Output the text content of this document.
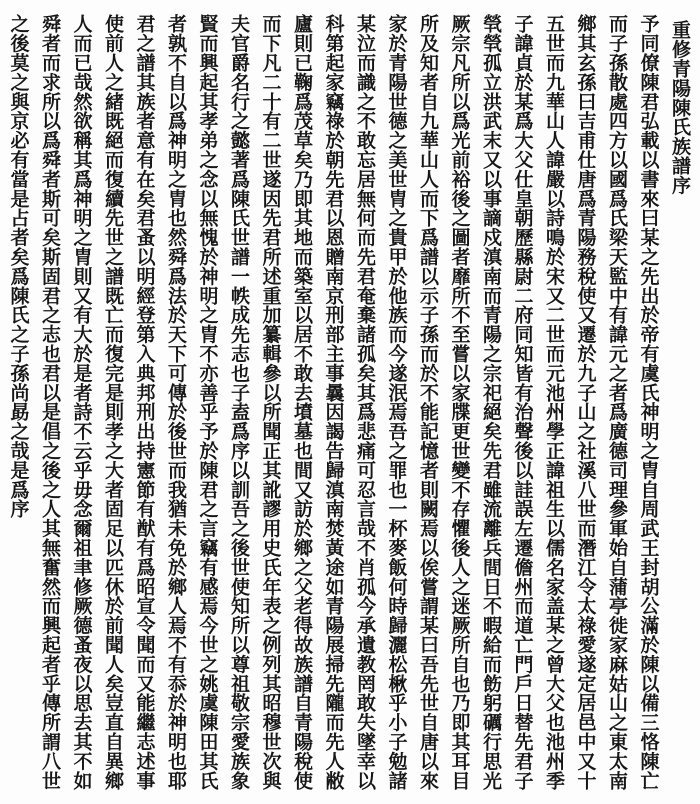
重修青陽陳氏族譜序
予同僚陳君弘載以書來曰某之先出於帝有虞氏神明之胄自周武王封胡公滿於陳以備三恪陳亡
而子孫散處四方以國爲氏梁天監中有諱元之者爲廣德司理參軍始自蒲亭徙家麻姑山之東太南
鄉其玄孫曰吉甫仕唐爲青陽務稅使又遷於九子山之社溪八世而潛江令太祿愛遂定居邑中又十
五世而九華山人諱嚴以詩鳴於宋又二世而元池州學正諱祖生以儒名家盖某之曾大父也池州季
子諱貞於某爲大父仕皇朝歷縣尉二府同知皆有治聲後以詿誤左遷儋州而道亡門戶日替先君子
煢煢孤立洪武末又以事謫戍滇南而青陽之宗祀絕矣先君雖流離兵間日不暇給而飭躬礪行思光
厥宗凡所以爲光前裕後之圖者靡所不至嘗以家牒更世變不存懼後人之迷厥所自也乃即其耳目
所及知者自九華山人而下爲譜以示子孫而於不能記憶者則闕焉以俟嘗謂某曰吾先世自唐以來
家於青陽世德之美世胄之貴甲於他族而今遂泯焉吾之罪也一杯麥飯何時歸灑松楸乎小子勉諸
某泣而識之不敢忘居無何而先君奄棄諸孤矣其爲悲痛可忍言哉不肖孤今承遺教罔敢失墜幸以
科第起家竊祿於朝先君以恩贈南京刑部主事曩因謁告歸滇南焚黃途如青陽展掃先隴而先人敝
廬則已鞠爲茂草矣乃即其地而築室以居不敢去墳墓也間又訪於鄉之父老得故族譜自青陽稅使
而下凡二十有二世遂因先君所述重加纂輯參以所聞正其訛謬用史氏年表之例列其昭穆世次與
夫官爵名行之懿著爲陳氏世譜一帙成先志也子盍爲序以訓吾之後世使知所以尊祖敬宗愛族象
賢而興起其孝弟之念以無愧於神明之胄不亦善乎予於陳君之言竊有感焉今世之姚虞陳田其氏
者孰不自以爲神明之胄也然舜爲法於天下可傳於後世而我猶未免於鄉人焉不有忝於神明也耶
君之譜其族者意有在矣君蚤以明經登第入典邦刑出持憲節有猷有爲昭宣令聞而又能繼志述事
使前人之緒既絕而復續先世之譜既亡而復完是則孝之大者固足以匹休於前聞人矣豈直自異鄉
人而已哉然欲稱其爲神明之胄則又有大於是者詩不云乎毋念爾祖聿修厥德蚤夜以思去其不如
舜者而求所以爲舜者斯可矣斯固君之志也君以是倡之後之人其無奮然而興起者乎傳所謂八世
之後莫之與京必有當是占者矣爲陳氏之子孫尚勗之哉是爲序
